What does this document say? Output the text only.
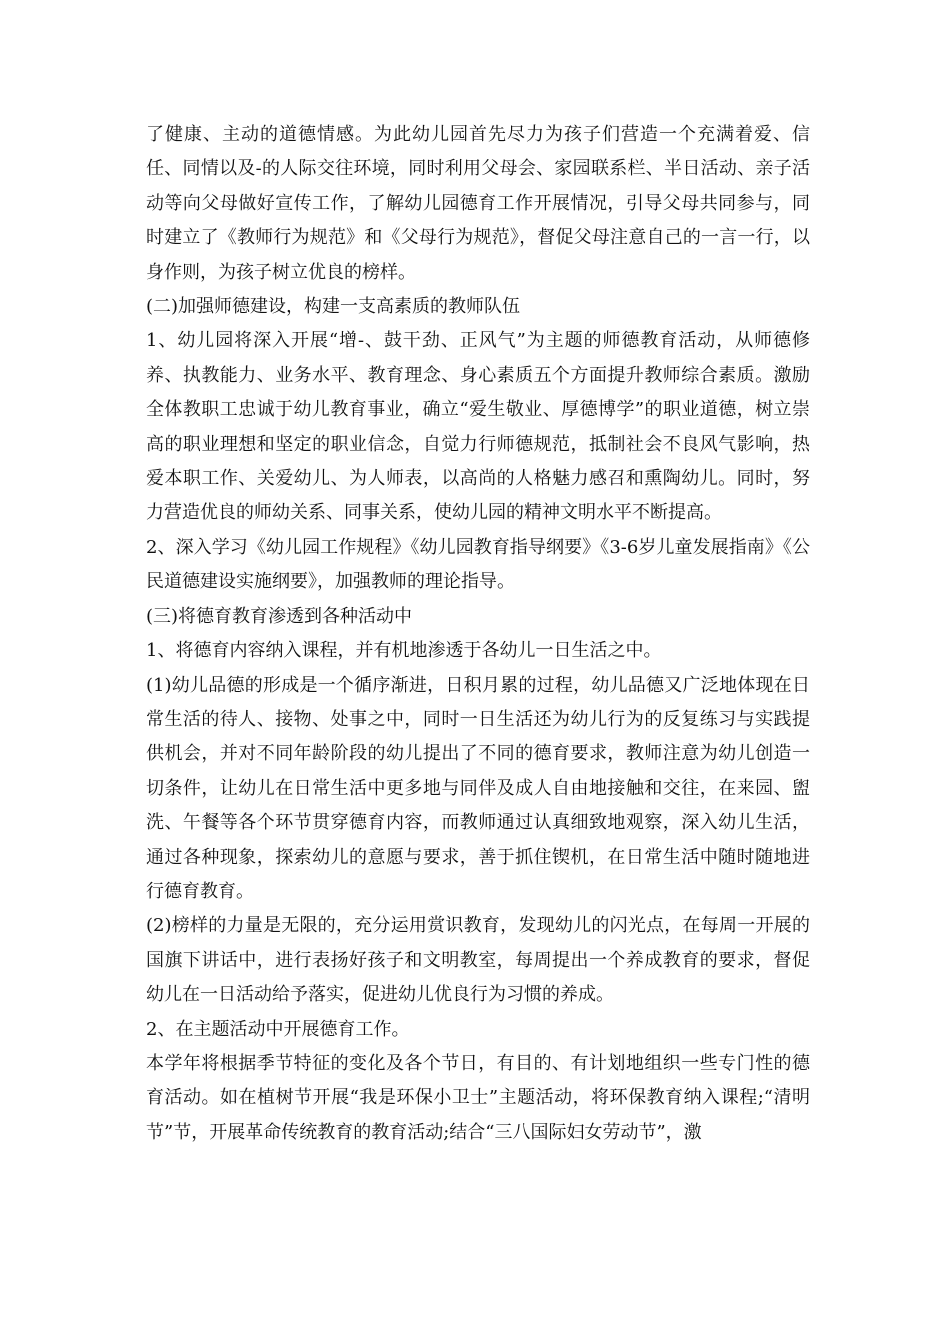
了健康、主动的道德情感。为此幼儿园首先尽力为孩子们营造一个充满着爱、信任、同情以及-的人际交往环境，同时利用父母会、家园联系栏、半日活动、亲子活动等向父母做好宣传工作，了解幼儿园德育工作开展情况，引导父母共同参与，同时建立了《教师行为规范》和《父母行为规范》，督促父母注意自己的一言一行，以身作则，为孩子树立优良的榜样。

(二)加强师德建设，构建一支高素质的教师队伍

1、幼儿园将深入开展“增-、鼓干劲、正风气”为主题的师德教育活动，从师德修养、执教能力、业务水平、教育理念、身心素质五个方面提升教师综合素质。激励全体教职工忠诚于幼儿教育事业，确立“爱生敬业、厚德博学”的职业道德，树立崇高的职业理想和坚定的职业信念，自觉力行师德规范，抵制社会不良风气影响，热爱本职工作、关爱幼儿、为人师表，以高尚的人格魅力感召和熏陶幼儿。同时，努力营造优良的师幼关系、同事关系，使幼儿园的精神文明水平不断提高。

2、深入学习《幼儿园工作规程》《幼儿园教育指导纲要》《3-6岁儿童发展指南》《公民道德建设实施纲要》，加强教师的理论指导。

(三)将德育教育渗透到各种活动中

1、将德育内容纳入课程，并有机地渗透于各幼儿一日生活之中。

(1)幼儿品德的形成是一个循序渐进，日积月累的过程，幼儿品德又广泛地体现在日常生活的待人、接物、处事之中，同时一日生活还为幼儿行为的反复练习与实践提供机会，并对不同年龄阶段的幼儿提出了不同的德育要求，教师注意为幼儿创造一切条件，让幼儿在日常生活中更多地与同伴及成人自由地接触和交往，在来园、盥洗、午餐等各个环节贯穿德育内容，而教师通过认真细致地观察，深入幼儿生活，通过各种现象，探索幼儿的意愿与要求，善于抓住锲机，在日常生活中随时随地进行德育教育。

(2)榜样的力量是无限的，充分运用赏识教育，发现幼儿的闪光点，在每周一开展的国旗下讲话中，进行表扬好孩子和文明教室，每周提出一个养成教育的要求，督促幼儿在一日活动给予落实，促进幼儿优良行为习惯的养成。

2、在主题活动中开展德育工作。

本学年将根据季节特征的变化及各个节日，有目的、有计划地组织一些专门性的德育活动。如在植树节开展“我是环保小卫士”主题活动，将环保教育纳入课程;“清明节”节，开展革命传统教育的教育活动;结合“三八国际妇女劳动节”，激
